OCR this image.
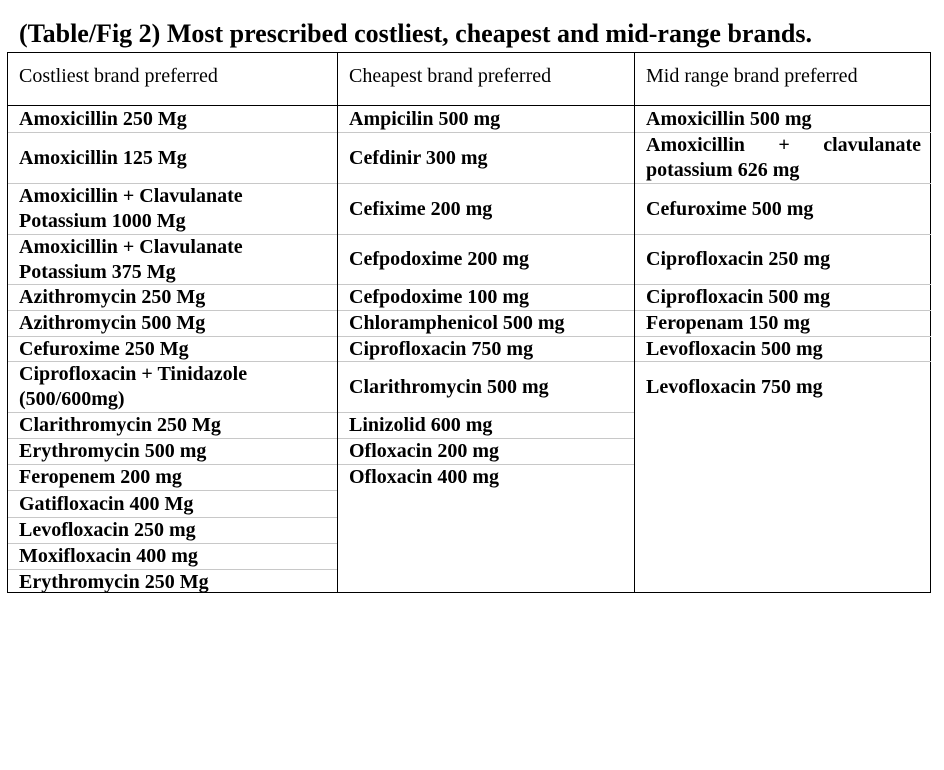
(Table/Fig 2) Most prescribed costliest, cheapest and mid-range brands.
Costliest brand preferred	Cheapest brand preferred	Mid range brand preferred
Amoxicillin 250 Mg
Amoxicillin 125 Mg
Amoxicillin + Clavulanate Potassium 1000 Mg
Amoxicillin + Clavulanate Potassium 375 Mg
Azithromycin 250 Mg
Azithromycin 500 Mg
Cefuroxime 250 Mg
Ciprofloxacin + Tinidazole (500/600mg)
Clarithromycin 250 Mg
Erythromycin 500 mg
Feropenem 200 mg
Gatifloxacin 400 Mg
Levofloxacin 250 mg
Moxifloxacin 400 mg
Erythromycin 250 Mg
Ampicilin 500 mg
Cefdinir 300 mg
Cefixime 200 mg
Cefpodoxime 200 mg
Cefpodoxime 100 mg
Chloramphenicol 500 mg
Ciprofloxacin 750 mg
Clarithromycin 500 mg
Linizolid 600 mg
Ofloxacin 200 mg
Ofloxacin 400 mg
Amoxicillin 500 mg
Amoxicillin + clavulanate potassium 626 mg
Cefuroxime 500 mg
Ciprofloxacin 250 mg
Ciprofloxacin 500 mg
Feropenam 150 mg
Levofloxacin 500 mg
Levofloxacin 750 mg
